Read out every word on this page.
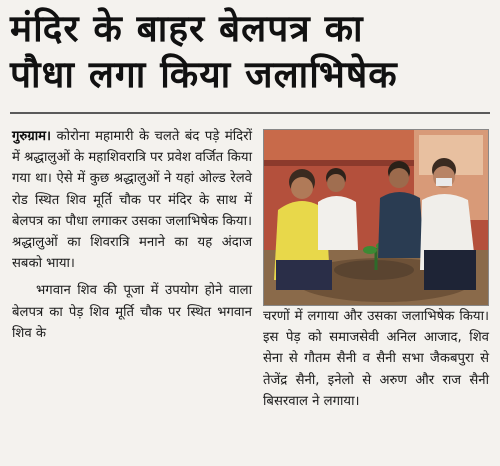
मंदिर के बाहर बेलपत्र का
पौधा लगा किया जलाभिषेक

गुरुग्राम। कोरोना महामारी के चलते बंद पड़े मंदिरों में श्रद्धालुओं के महाशिवरात्रि पर प्रवेश वर्जित किया गया था। ऐसे में कुछ श्रद्धालुओं ने यहां ओल्ड रेलवे रोड स्थित शिव मूर्ति चौक पर मंदिर के साथ में बेलपत्र का पौधा लगाकर उसका जलाभिषेक किया। श्रद्धालुओं का शिवरात्रि मनाने का यह अंदाज सबको भाया।

भगवान शिव की पूजा में उपयोग होने वाला बेलपत्र का पेड़ शिव मूर्ति चौक पर स्थित भगवान शिव के

चरणों में लगाया और उसका जलाभिषेक किया। इस पेड़ को समाजसेवी अनिल आजाद, शिव सेना से गौतम सैनी व सैनी सभा जैकबपुरा से तेजेंद्र सैनी, इनेलो से अरुण और राज सैनी बिसरवाल ने लगाया।
